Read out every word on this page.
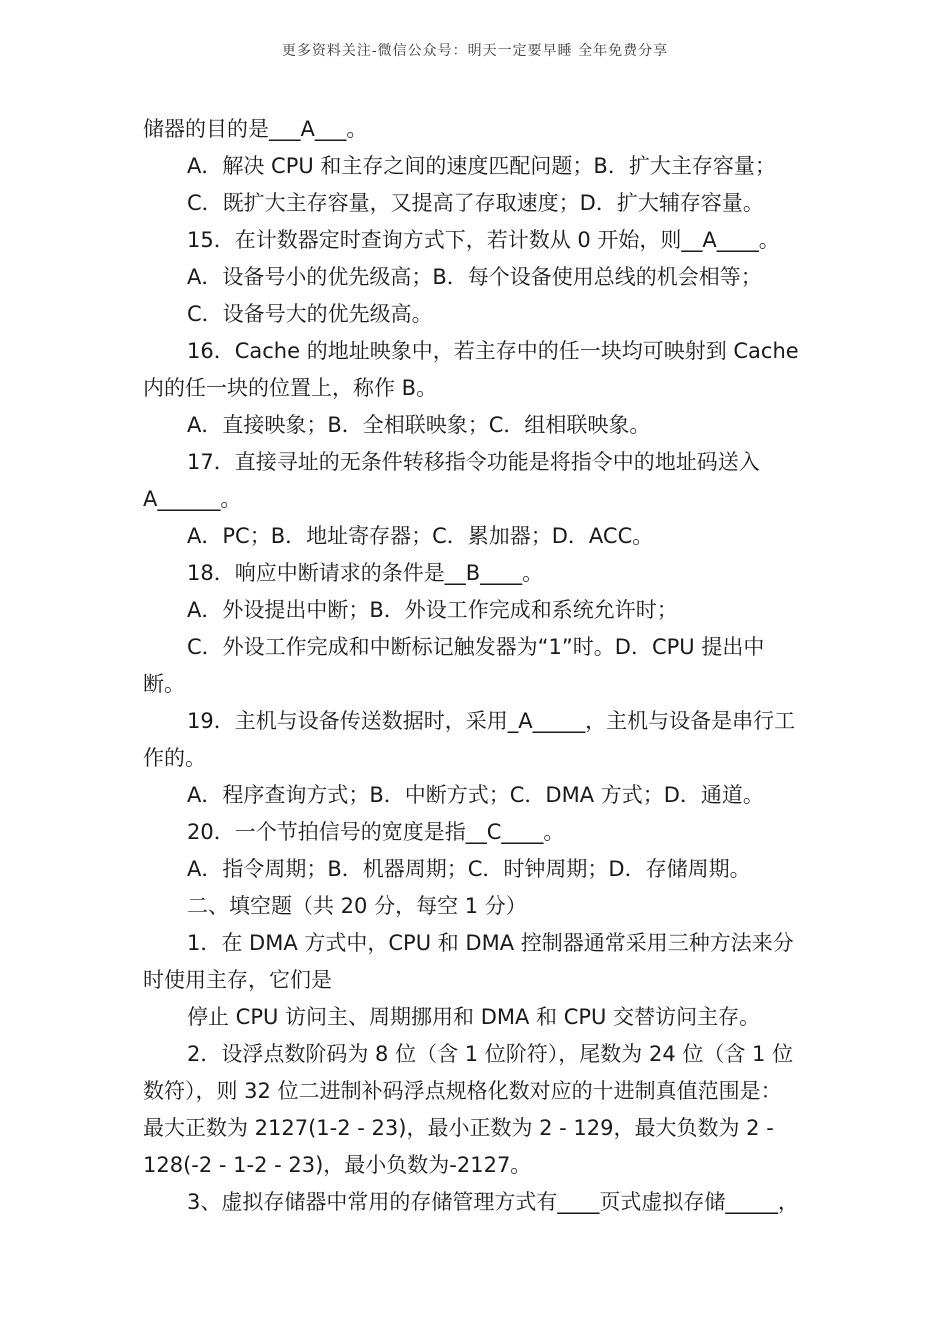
更多资料关注-微信公众号：明天一定要早睡 全年免费分享
储器的目的是___A___。
A．解决 CPU 和主存之间的速度匹配问题；B．扩大主存容量；
C．既扩大主存容量，又提高了存取速度；D．扩大辅存容量。
15．在计数器定时查询方式下，若计数从 0 开始，则__A____。
A．设备号小的优先级高；B．每个设备使用总线的机会相等；
C．设备号大的优先级高。
16．Cache 的地址映象中，若主存中的任一块均可映射到 Cache
内的任一块的位置上，称作 B。
A．直接映象；B．全相联映象；C．组相联映象。
17．直接寻址的无条件转移指令功能是将指令中的地址码送入
A______。
A．PC；B．地址寄存器；C．累加器；D．ACC。
18．响应中断请求的条件是__B____。
A．外设提出中断；B．外设工作完成和系统允许时；
C．外设工作完成和中断标记触发器为“1”时。D．CPU 提出中
断。
19．主机与设备传送数据时，采用_A_____，主机与设备是串行工
作的。
A．程序查询方式；B．中断方式；C．DMA 方式；D．通道。
20．一个节拍信号的宽度是指__C____。
A．指令周期；B．机器周期；C．时钟周期；D．存储周期。
二、填空题（共 20 分，每空 1 分）
1．在 DMA 方式中，CPU 和 DMA 控制器通常采用三种方法来分
时使用主存，它们是
停止 CPU 访问主、周期挪用和 DMA 和 CPU 交替访问主存。
2．设浮点数阶码为 8 位（含 1 位阶符），尾数为 24 位（含 1 位
数符），则 32 位二进制补码浮点规格化数对应的十进制真值范围是：
最大正数为 2127(1-2 - 23)，最小正数为 2 - 129，最大负数为 2 -
128(-2 - 1-2 - 23)，最小负数为-2127。
3、虚拟存储器中常用的存储管理方式有____页式虚拟存储_____，
